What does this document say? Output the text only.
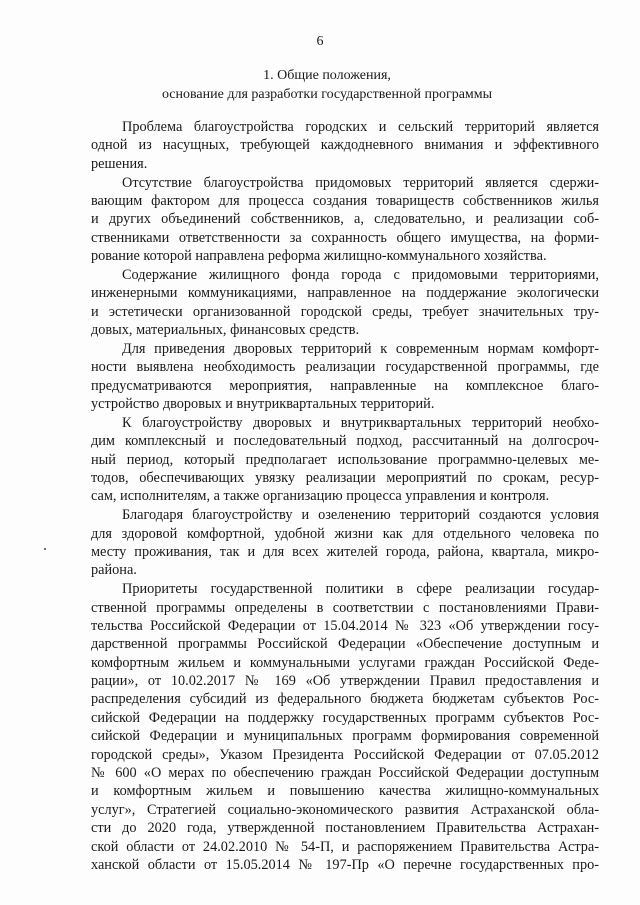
6
1. Общие положения,
основание для разработки государственной программы
Проблема благоустройства городских и сельский территорий является
одной из насущных, требующей каждодневного внимания и эффективного
решения.
Отсутствие благоустройства придомовых территорий является сдержи-
вающим фактором для процесса создания товариществ собственников жилья
и других объединений собственников, а, следовательно, и реализации соб-
ственниками ответственности за сохранность общего имущества, на форми-
рование которой направлена реформа жилищно-коммунального хозяйства.
Содержание жилищного фонда города с придомовыми территориями,
инженерными коммуникациями, направленное на поддержание экологически
и эстетически организованной городской среды, требует значительных тру-
довых, материальных, финансовых средств.
Для приведения дворовых территорий к современным нормам комфорт-
ности выявлена необходимость реализации государственной программы, где
предусматриваются мероприятия, направленные на комплексное благо-
устройство дворовых и внутриквартальных территорий.
К благоустройству дворовых и внутриквартальных территорий необхо-
дим комплексный и последовательный подход, рассчитанный на долгосроч-
ный период, который предполагает использование программно-целевых ме-
тодов, обеспечивающих увязку реализации мероприятий по срокам, ресур-
сам, исполнителям, а также организацию процесса управления и контроля.
Благодаря благоустройству и озеленению территорий создаются условия
для здоровой комфортной, удобной жизни как для отдельного человека по
месту проживания, так и для всех жителей города, района, квартала, микро-
района.
Приоритеты государственной политики в сфере реализации государ-
ственной программы определены в соответствии с постановлениями Прави-
тельства Российской Федерации от 15.04.2014 № 323 «Об утверждении госу-
дарственной программы Российской Федерации «Обеспечение доступным и
комфортным жильем и коммунальными услугами граждан Российской Феде-
рации», от 10.02.2017 № 169 «Об утверждении Правил предоставления и
распределения субсидий из федерального бюджета бюджетам субъектов Рос-
сийской Федерации на поддержку государственных программ субъектов Рос-
сийской Федерации и муниципальных программ формирования современной
городской среды», Указом Президента Российской Федерации от 07.05.2012
№ 600 «О мерах по обеспечению граждан Российской Федерации доступным
и комфортным жильем и повышению качества жилищно-коммунальных
услуг», Стратегией социально-экономического развития Астраханской обла-
сти до 2020 года, утвержденной постановлением Правительства Астрахан-
ской области от 24.02.2010 № 54-П, и распоряжением Правительства Астра-
ханской области от 15.05.2014 № 197-Пр «О перечне государственных про-
